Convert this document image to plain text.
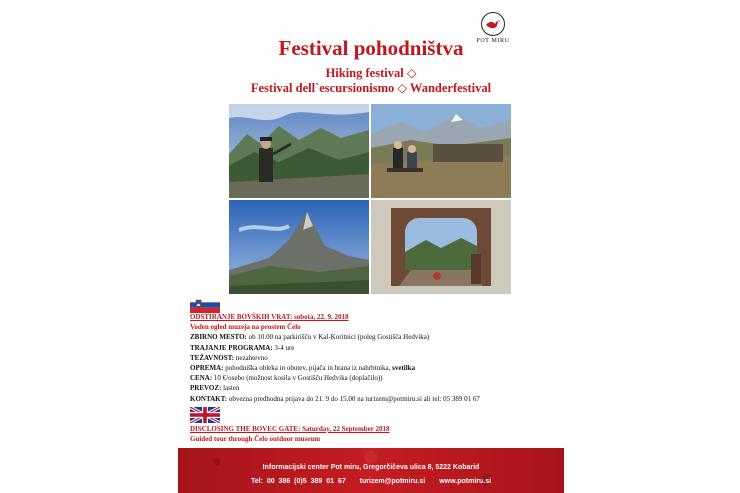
POT MIRU
Festival pohodništva
Hiking festival ◇
Festival dell`escursionismo ◇ Wanderfestival
ODSTIRANJE BOVŠKIH VRAT: sobota, 22. 9. 2018
Voden ogled muzeja na prostem Čelo
ZBIRNO MESTO: ob 10.00 na parkirišču v Kal-Koritnici (poleg Gostišča Hedvika)
TRAJANJE PROGRAMA: 3-4 ure
TEŽAVNOST: nezahtevno
OPREMA: pohodniška obleka in obutev, pijača in hrana iz nahrbtnika, svetilka
CENA: 10 €/osebo (možnost kosila v Gostišču Hedvika (doplačilo))
PREVOZ: lasten
KONTAKT: obvezna predhodna prijava do 21. 9 do 15.00 na turizem@potmiru.si ali tel: 05 389 01 67
DISCLOSING THE BOVEC GATE: Saturday, 22 September 2018
Guided tour through Čelo outdoor museum
Informacijski center Pot miru, Gregorčičeva ulica 8, 5222 Kobarid
Tel: 00 386 (0)5 389 01 67 turizem@potmiru.si www.potmiru.si
